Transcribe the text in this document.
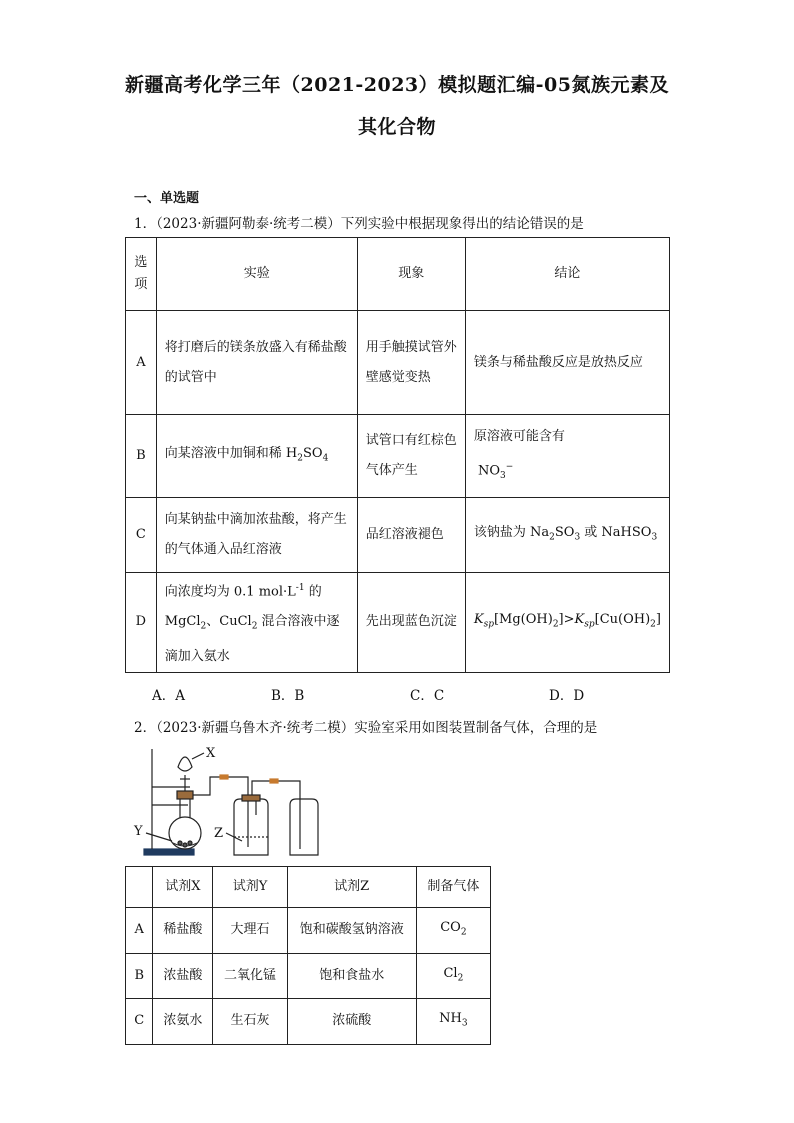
新疆高考化学三年（2021-2023）模拟题汇编-05氮族元素及
其化合物
一、单选题
1．（2023·新疆阿勒泰·统考二模）下列实验中根据现象得出的结论错误的是
选
项	实验	现象	结论
A	将打磨后的镁条放盛入有稀盐酸的试管中	用手触摸试管外壁感觉变热	镁条与稀盐酸反应是放热反应
B	向某溶液中加铜和稀 $H_2SO_4$	试管口有红棕色气体产生	原溶液可能含有
$NO_3^-$
C	向某钠盐中滴加浓盐酸，将产生的气体通入品红溶液	品红溶液褪色	该钠盐为 $Na_2SO_3$ 或 NaHSO$_3$
D	向浓度均为 0.1 $mol\cdot L^{-1}$ 的 MgCl$_2$、CuCl$_2$ 混合溶液中逐滴加入氨水	先出现蓝色沉淀	$K_{sp}[Mg(OH)_2]>K_{sp}[Cu(OH)_2]$
A．A	B．B	C．C	D．D
2．（2023·新疆乌鲁木齐·统考二模）实验室采用如图装置制备气体，合理的是
X
Y	Z
	试剂X	试剂Y	试剂Z	制备气体
A	稀盐酸	大理石	饱和碳酸氢钠溶液	$CO_2$
B	浓盐酸	二氧化锰	饱和食盐水	$Cl_2$
C	浓氨水	生石灰	浓硫酸	$NH_3$
